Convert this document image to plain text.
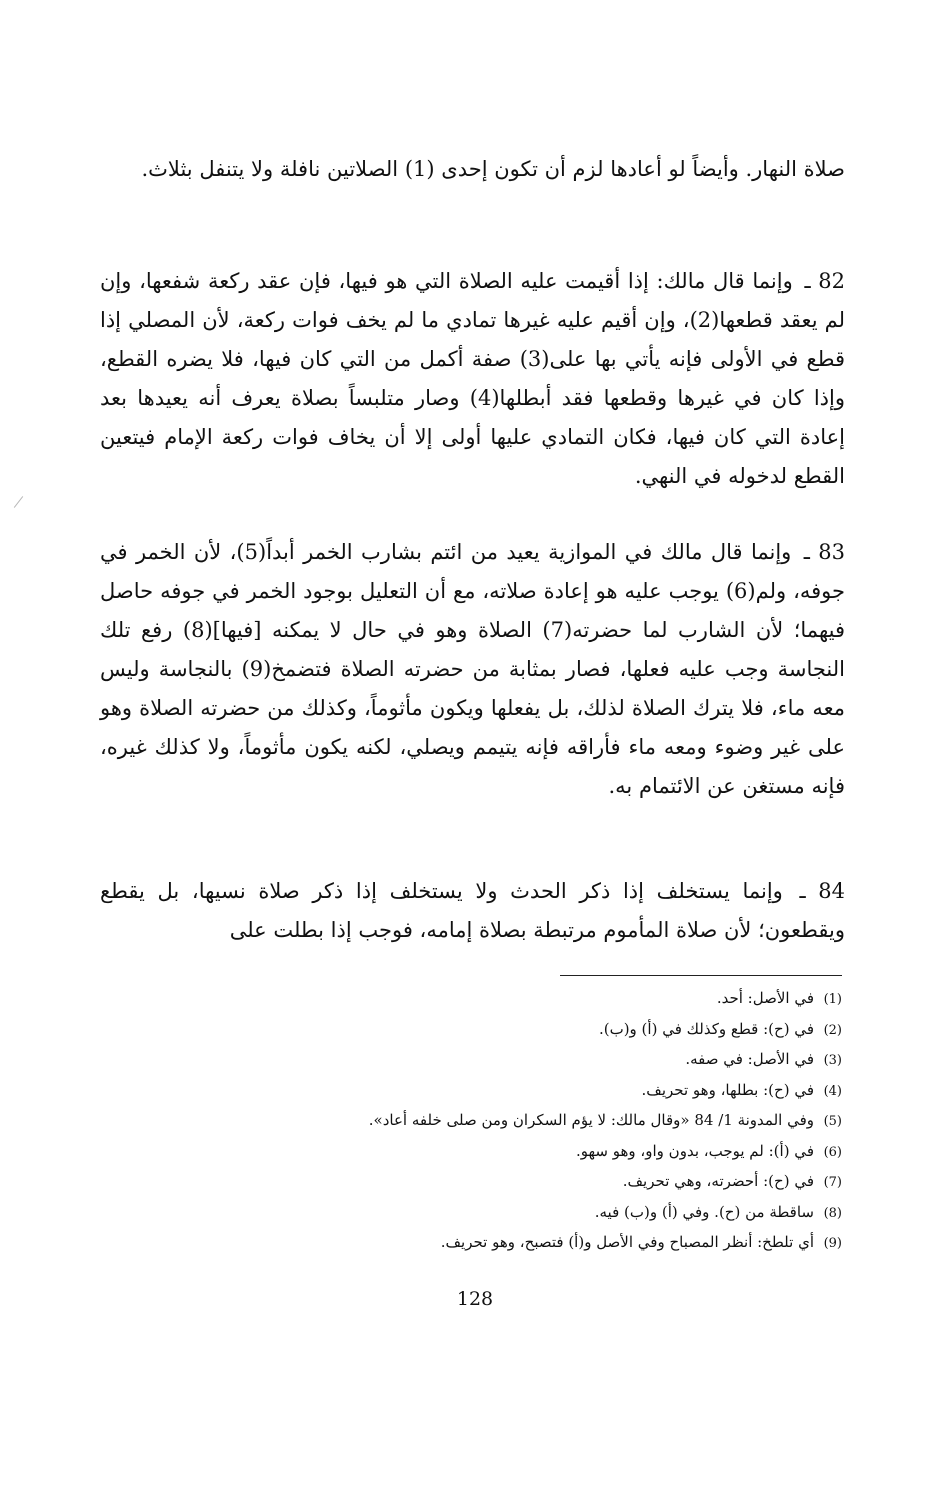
صلاة النهار. وأيضاً لو أعادها لزم أن تكون إحدى (1) الصلاتين نافلة ولا يتنفل بثلاث.
82 ـ وإنما قال مالك: إذا أقيمت عليه الصلاة التي هو فيها، فإن عقد ركعة شفعها، وإن لم يعقد قطعها(2)، وإن أقيم عليه غيرها تمادي ما لم يخف فوات ركعة، لأن المصلي إذا قطع في الأولى فإنه يأتي بها على(3) صفة أكمل من التي كان فيها، فلا يضره القطع، وإذا كان في غيرها وقطعها فقد أبطلها(4) وصار متلبساً بصلاة يعرف أنه يعيدها بعد إعادة التي كان فيها، فكان التمادي عليها أولى إلا أن يخاف فوات ركعة الإمام فيتعين القطع لدخوله في النهي.
83 ـ وإنما قال مالك في الموازية يعيد من ائتم بشارب الخمر أبداً(5)، لأن الخمر في جوفه، ولم(6) يوجب عليه هو إعادة صلاته، مع أن التعليل بوجود الخمر في جوفه حاصل فيهما؛ لأن الشارب لما حضرته(7) الصلاة وهو في حال لا يمكنه [فيها](8) رفع تلك النجاسة وجب عليه فعلها، فصار بمثابة من حضرته الصلاة فتضمخ(9) بالنجاسة وليس معه ماء، فلا يترك الصلاة لذلك، بل يفعلها ويكون مأثوماً، وكذلك من حضرته الصلاة وهو على غير وضوء ومعه ماء فأراقه فإنه يتيمم ويصلي، لكنه يكون مأثوماً، ولا كذلك غيره، فإنه مستغن عن الائتمام به.
84 ـ وإنما يستخلف إذا ذكر الحدث ولا يستخلف إذا ذكر صلاة نسيها، بل يقطع ويقطعون؛ لأن صلاة المأموم مرتبطة بصلاة إمامه، فوجب إذا بطلت على
(1)في الأصل: أحد.
(2)في (ح): قطع وكذلك في (أ) و(ب).
(3)في الأصل: في صفه.
(4)في (ح): بطلها، وهو تحريف.
(5)وفي المدونة 1/ 84 «وقال مالك: لا يؤم السكران ومن صلى خلفه أعاد».
(6)في (أ): لم يوجب، بدون واو، وهو سهو.
(7)في (ح): أحضرته، وهي تحريف.
(8)ساقطة من (ح). وفي (أ) و(ب) فيه.
(9)أي تلطخ: أنظر المصباح وفي الأصل و(أ) فتصبح، وهو تحريف.
128
